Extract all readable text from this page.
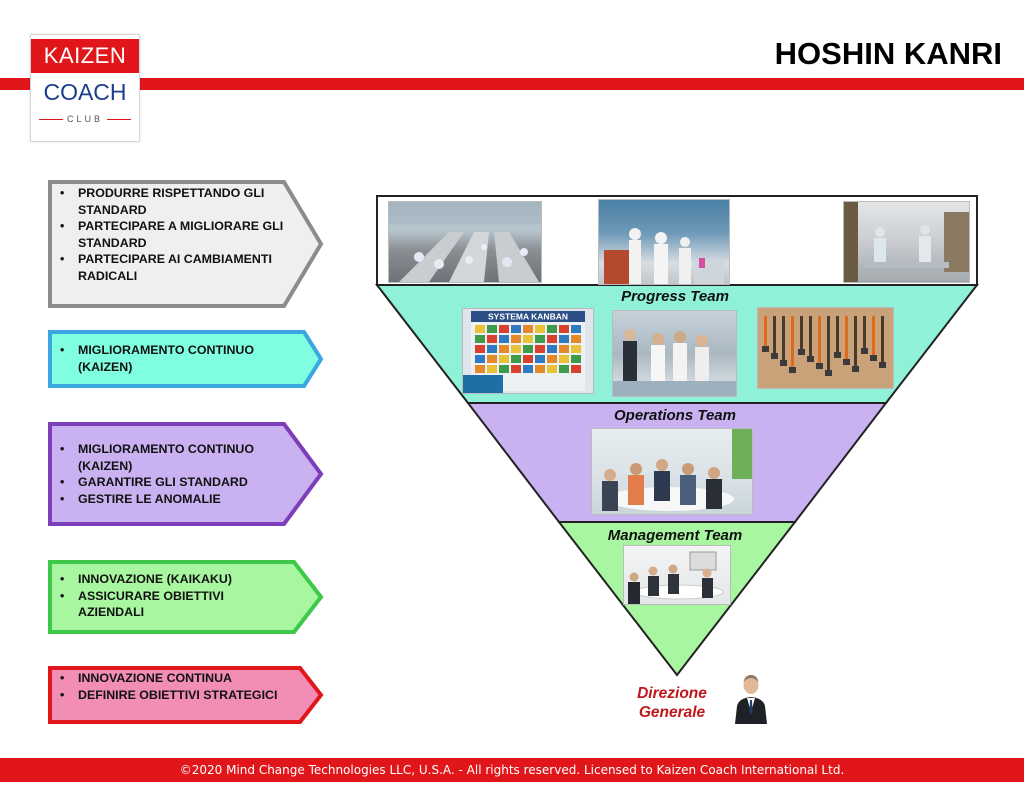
KAIZEN
COACH
CLUB
HOSHIN KANRI
Progress Team
Operations Team
Management Team
SYSTEMA KANBAN
Direzione Generale
• PRODURRE RISPETTANDO GLI STANDARD
• PARTECIPARE A MIGLIORARE GLI STANDARD
• PARTECIPARE AI CAMBIAMENTI RADICALI
• MIGLIORAMENTO CONTINUO (KAIZEN)
• MIGLIORAMENTO CONTINUO (KAIZEN)
• GARANTIRE GLI STANDARD
• GESTIRE LE ANOMALIE
• INNOVAZIONE (KAIKAKU)
• ASSICURARE OBIETTIVI AZIENDALI
• INNOVAZIONE CONTINUA
• DEFINIRE OBIETTIVI STRATEGICI
©2020 Mind Change Technologies LLC, U.S.A. - All rights reserved. Licensed to Kaizen Coach International Ltd.
